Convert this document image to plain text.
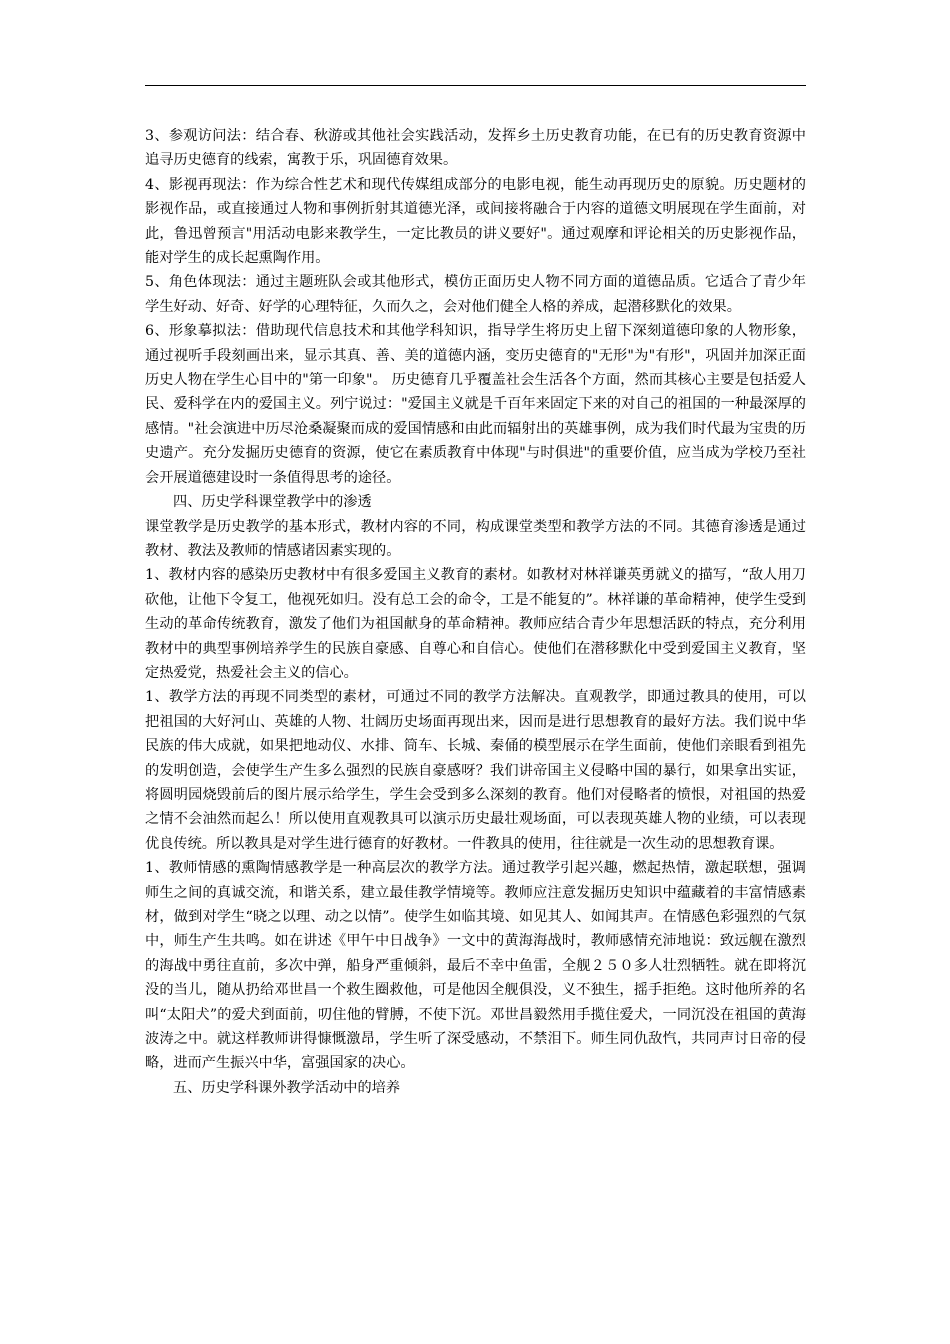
3、参观访问法：结合春、秋游或其他社会实践活动，发挥乡土历史教育功能，在已有的历史教育资源中追寻历史德育的线索，寓教于乐，巩固德育效果。

4、影视再现法：作为综合性艺术和现代传媒组成部分的电影电视，能生动再现历史的原貌。历史题材的影视作品，或直接通过人物和事例折射其道德光泽，或间接将融合于内容的道德文明展现在学生面前，对此，鲁迅曾预言"用活动电影来教学生，一定比教员的讲义要好"。通过观摩和评论相关的历史影视作品，能对学生的成长起熏陶作用。

5、角色体现法：通过主题班队会或其他形式，模仿正面历史人物不同方面的道德品质。它适合了青少年学生好动、好奇、好学的心理特征，久而久之，会对他们健全人格的养成，起潜移默化的效果。

6、形象摹拟法：借助现代信息技术和其他学科知识，指导学生将历史上留下深刻道德印象的人物形象，通过视听手段刻画出来，显示其真、善、美的道德内涵，变历史德育的"无形"为"有形"，巩固并加深正面历史人物在学生心目中的"第一印象"。 历史德育几乎覆盖社会生活各个方面，然而其核心主要是包括爱人民、爱科学在内的爱国主义。列宁说过："爱国主义就是千百年来固定下来的对自己的祖国的一种最深厚的感情。"社会演进中历尽沧桑凝聚而成的爱国情感和由此而辐射出的英雄事例，成为我们时代最为宝贵的历史遗产。充分发掘历史德育的资源，使它在素质教育中体现"与时俱进"的重要价值，应当成为学校乃至社会开展道德建设时一条值得思考的途径。

四、历史学科课堂教学中的渗透

课堂教学是历史教学的基本形式，教材内容的不同，构成课堂类型和教学方法的不同。其德育渗透是通过教材、教法及教师的情感诸因素实现的。

1、教材内容的感染历史教材中有很多爱国主义教育的素材。如教材对林祥谦英勇就义的描写，“敌人用刀砍他，让他下令复工，他视死如归。没有总工会的命令，工是不能复的”。林祥谦的革命精神，使学生受到生动的革命传统教育，激发了他们为祖国献身的革命精神。教师应结合青少年思想活跃的特点，充分利用教材中的典型事例培养学生的民族自豪感、自尊心和自信心。使他们在潜移默化中受到爱国主义教育，坚定热爱党，热爱社会主义的信心。

1、教学方法的再现不同类型的素材，可通过不同的教学方法解决。直观教学，即通过教具的使用，可以把祖国的大好河山、英雄的人物、壮阔历史场面再现出来，因而是进行思想教育的最好方法。我们说中华民族的伟大成就，如果把地动仪、水排、筒车、长城、秦俑的模型展示在学生面前，使他们亲眼看到祖先的发明创造，会使学生产生多么强烈的民族自豪感呀？我们讲帝国主义侵略中国的暴行，如果拿出实证，将圆明园烧毁前后的图片展示给学生，学生会受到多么深刻的教育。他们对侵略者的愤恨，对祖国的热爱之情不会油然而起么！所以使用直观教具可以演示历史最壮观场面，可以表现英雄人物的业绩，可以表现优良传统。所以教具是对学生进行德育的好教材。一件教具的使用，往往就是一次生动的思想教育课。

1、教师情感的熏陶情感教学是一种高层次的教学方法。通过教学引起兴趣，燃起热情，激起联想，强调师生之间的真诚交流，和谐关系，建立最佳教学情境等。教师应注意发掘历史知识中蕴藏着的丰富情感素材，做到对学生“晓之以理、动之以情”。使学生如临其境、如见其人、如闻其声。在情感色彩强烈的气氛中，师生产生共鸣。如在讲述《甲午中日战争》一文中的黄海海战时，教师感情充沛地说：致远舰在激烈的海战中勇往直前，多次中弹，船身严重倾斜，最后不幸中鱼雷，全舰２５０多人壮烈牺牲。就在即将沉没的当儿，随从扔给邓世昌一个救生圈救他，可是他因全舰俱没，义不独生，摇手拒绝。这时他所养的名叫“太阳犬”的爱犬到面前，叨住他的臂膊，不使下沉。邓世昌毅然用手揽住爱犬，一同沉没在祖国的黄海波涛之中。就这样教师讲得慷慨激昂，学生听了深受感动，不禁泪下。师生同仇敌忾，共同声讨日帝的侵略，进而产生振兴中华，富强国家的决心。

五、历史学科课外教学活动中的培养
